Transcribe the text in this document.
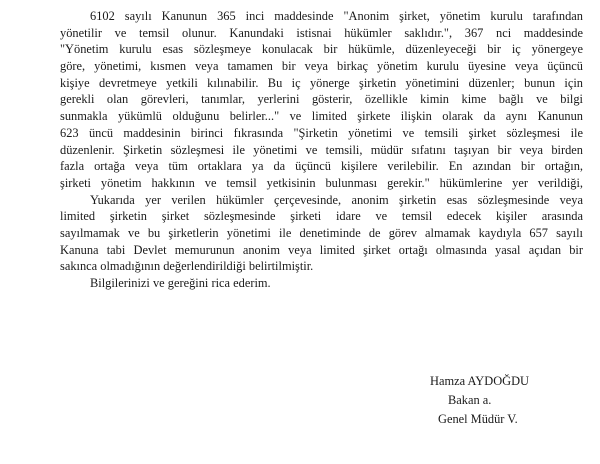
6102 sayılı Kanunun 365 inci maddesinde "Anonim şirket, yönetim kurulu tarafından
yönetilir ve temsil olunur. Kanundaki istisnai hükümler saklıdır.", 367 nci maddesinde
"Yönetim kurulu esas sözleşmeye konulacak bir hükümle, düzenleyeceği bir iç yönergeye
göre, yönetimi, kısmen veya tamamen bir veya birkaç yönetim kurulu üyesine veya üçüncü
kişiye devretmeye yetkili kılınabilir. Bu iç yönerge şirketin yönetimini düzenler; bunun için
gerekli olan görevleri, tanımlar, yerlerini gösterir, özellikle kimin kime bağlı ve bilgi
sunmakla yükümlü olduğunu belirler..." ve limited şirkete ilişkin olarak da aynı Kanunun
623 üncü maddesinin birinci fıkrasında "Şirketin yönetimi ve temsili şirket sözleşmesi ile
düzenlenir. Şirketin sözleşmesi ile yönetimi ve temsili, müdür sıfatını taşıyan bir veya birden
fazla ortağa veya tüm ortaklara ya da üçüncü kişilere verilebilir. En azından bir ortağın,
şirketi yönetim hakkının ve temsil yetkisinin bulunması gerekir." hükümlerine yer verildiği,
Yukarıda yer verilen hükümler çerçevesinde, anonim şirketin esas sözleşmesinde veya
limited şirketin şirket sözleşmesinde şirketi idare ve temsil edecek kişiler arasında
sayılmamak ve bu şirketlerin yönetimi ile denetiminde de görev almamak kaydıyla 657 sayılı
Kanuna tabi Devlet memurunun anonim veya limited şirket ortağı olmasında yasal açıdan bir
sakınca olmadığının değerlendirildiği belirtilmiştir.
Bilgilerinizi ve gereğini rica ederim.
Hamza AYDOĞDU
Bakan a.
Genel Müdür V.
